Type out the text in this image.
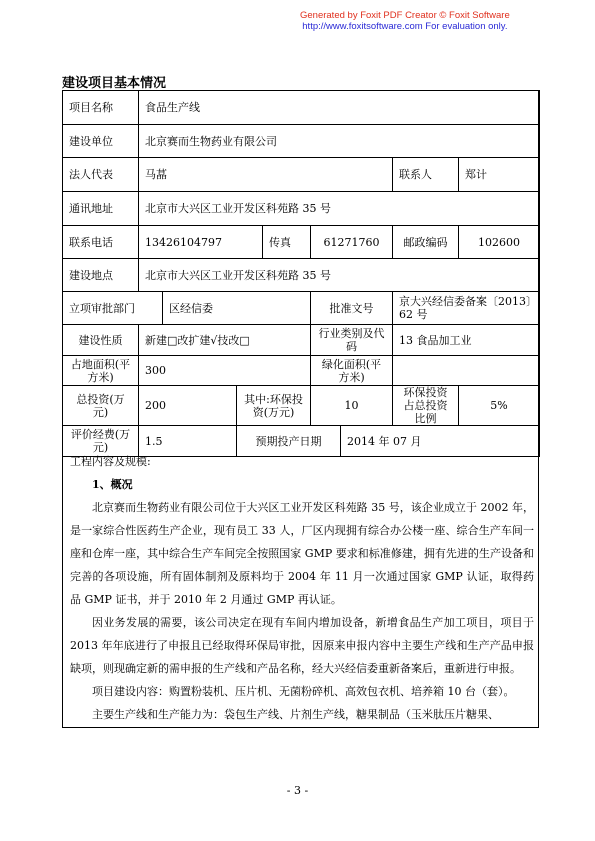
Generated by Foxit PDF Creator © Foxit Software
http://www.foxitsoftware.com For evaluation only.
建设项目基本情况
项目名称	食品生产线							
建设单位	北京赛而生物药业有限公司							
法人代表	马蕌						联系人	郑计
通讯地址	北京市大兴区工业开发区科苑路 35 号							
联系电话	13426104797			传真	61271760		邮政编码	102600
建设地点	北京市大兴区工业开发区科苑路 35 号							
立项审批部门		区经信委			批准文号		京大兴经信委备案〔2013〕62 号	
建设性质	新建□改扩建√技改□				行业类别及代码		13 食品加工业	
占地面积(平方米)	300				绿化面积(平方米)			
总投资(万元)	200		其中:环保投资(万元)		10		环保投资占总投资比例	5%
评价经费(万元)	1.5		预期投产日期			2014 年 07 月		

工程内容及规模:

1、概况

北京赛而生物药业有限公司位于大兴区工业开发区科苑路 35 号，该企业成立于 2002 年，是一家综合性医药生产企业，现有员工 33 人，厂区内现拥有综合办公楼一座、综合生产车间一座和仓库一座，其中综合生产车间完全按照国家 GMP 要求和标准修建，拥有先进的生产设备和完善的各项设施，所有固体制剂及原料均于 2004 年 11 月一次通过国家 GMP 认证，取得药品 GMP 证书，并于 2010 年 2 月通过 GMP 再认证。

因业务发展的需要，该公司决定在现有车间内增加设备，新增食品生产加工项目，项目于 2013 年年底进行了申报且已经取得环保局审批，因原来申报内容中主要生产线和生产产品申报缺项，则现确定新的需申报的生产线和产品名称，经大兴经信委重新备案后，重新进行申报。

项目建设内容：购置粉装机、压片机、无菌粉碎机、高效包衣机、培养箱 10 台（套）。

主要生产线和生产能力为：袋包生产线、片剂生产线，糖果制品（玉米肽压片糖果、

- 3 -
